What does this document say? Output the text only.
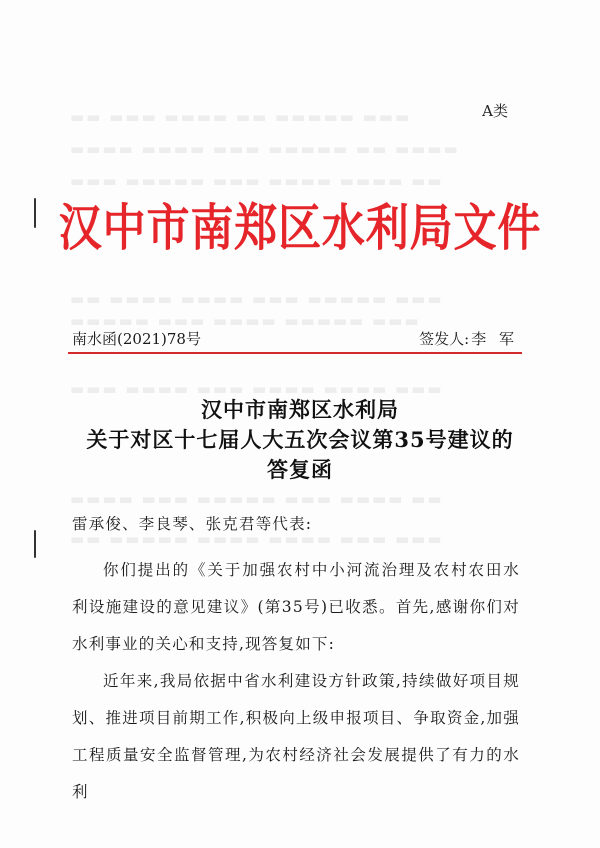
▬▬ ▬▬▬ ▬▬▬▬ ▬▬ ▬▬▬▬▬ ▬▬▬
▬▬▬▬ ▬▬▬▬ ▬▬▬ ▬▬▬▬▬ ▬▬ ▬▬▬▬
▬▬▬ ▬▬▬▬▬ ▬▬▬ ▬▬▬▬ ▬▬▬▬ ▬▬
▬▬ ▬▬▬▬ ▬▬▬▬ ▬▬▬ ▬▬▬▬▬ ▬▬▬
▬▬▬▬▬ ▬▬▬ ▬▬▬▬ ▬▬▬▬▬ ▬▬▬
▬▬▬ ▬▬▬▬ ▬▬▬ ▬▬▬▬ ▬▬▬▬ ▬▬▬
▬▬▬▬ ▬▬▬ ▬▬▬▬▬ ▬▬▬ ▬▬▬▬ ▬▬
▬▬ ▬▬▬▬▬ ▬▬▬▬ ▬▬▬▬ ▬▬▬ ▬▬▬
A类
汉中市南郑区水利局文件
南水函(2021)78号	签发人: 李 军
汉中市南郑区水利局
关于对区十七届人大五次会议第35号建议的
答复函
雷承俊、李良琴、张克君等代表:

你们提出的《关于加强农村中小河流治理及农村农田水利设施建设的意见建议》(第35号)已收悉。首先,感谢你们对水利事业的关心和支持,现答复如下:

近年来,我局依据中省水利建设方针政策,持续做好项目规划、推进项目前期工作,积极向上级申报项目、争取资金,加强工程质量安全监督管理,为农村经济社会发展提供了有力的水利
